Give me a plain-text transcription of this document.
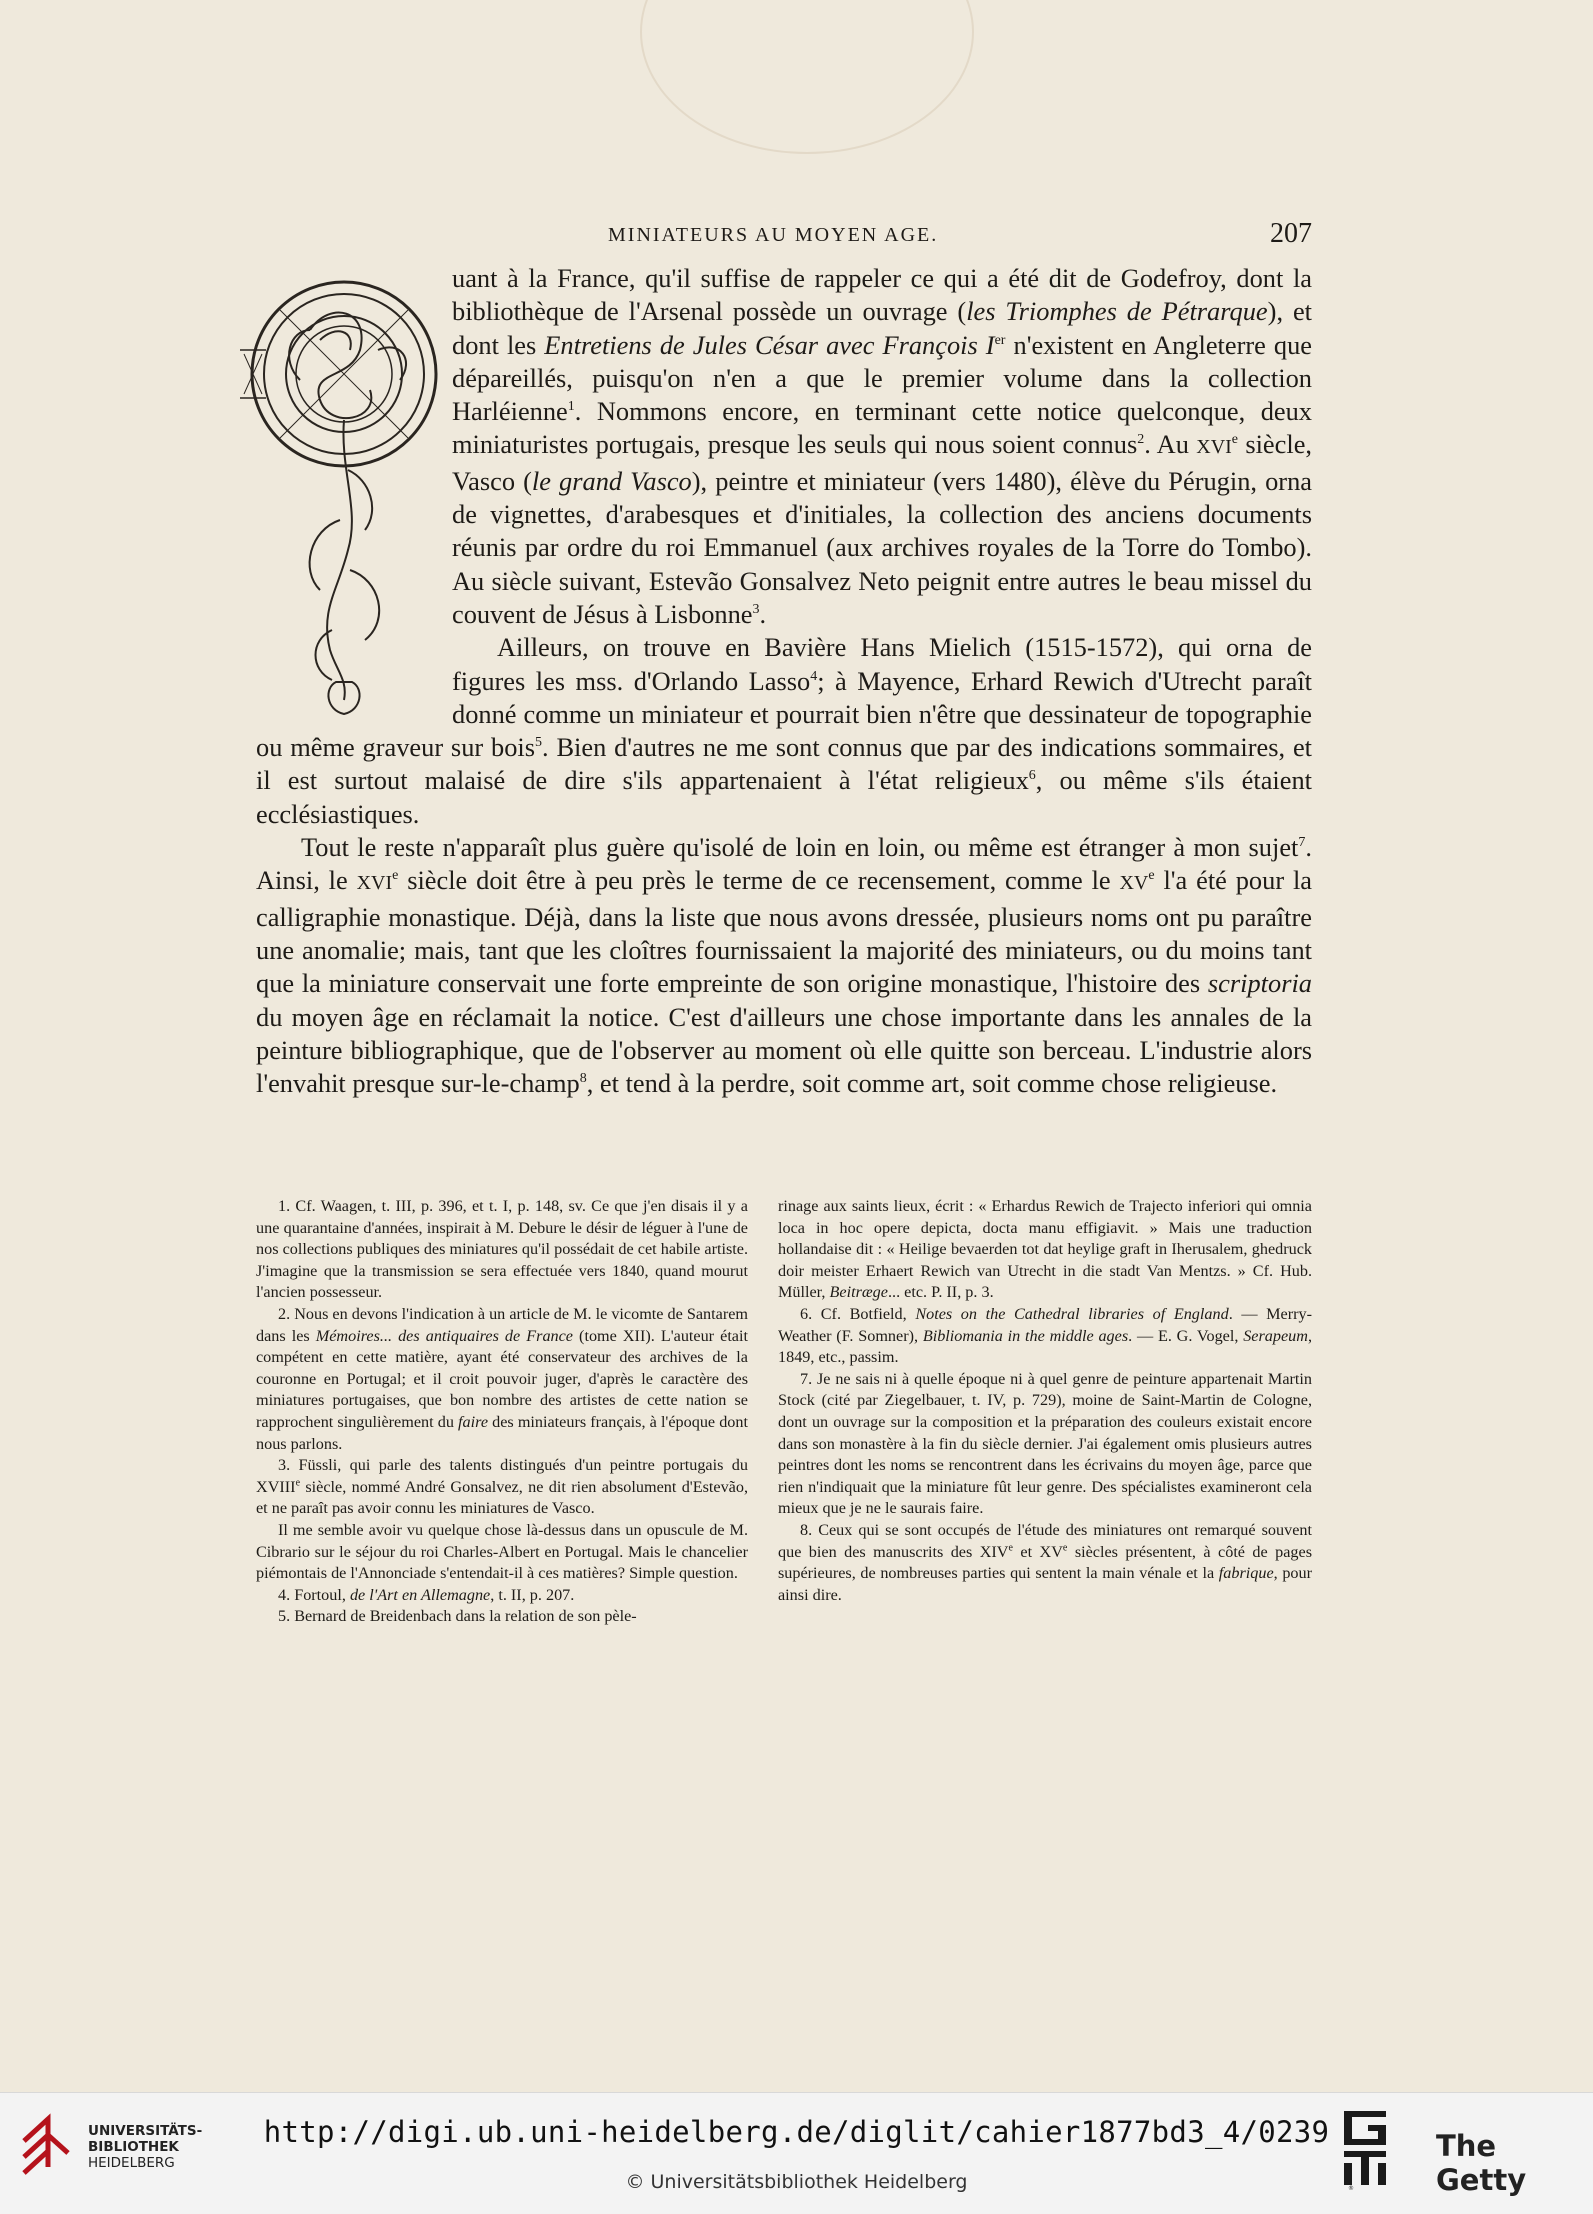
MINIATEURS AU MOYEN AGE.	207

uant à la France, qu'il suffise de rappeler ce qui a été dit de Godefroy, dont la bibliothèque de l'Arsenal possède un ouvrage (les Triomphes de Pétrarque), et dont les Entretiens de Jules César avec François Ier n'existent en Angleterre que dépareillés, puisqu'on n'en a que le premier volume dans la collection Harléienne$^1$. Nommons encore, en terminant cette notice quelconque, deux miniaturistes portugais, presque les seuls qui nous soient connus$^2$. Au XVIe siècle, Vasco (le grand Vasco), peintre et miniateur (vers 1480), élève du Pérugin, orna de vignettes, d'arabesques et d'initiales, la collection des anciens documents réunis par ordre du roi Emmanuel (aux archives royales de la Torre do Tombo). Au siècle suivant, Estevão Gonsalvez Neto peignit entre autres le beau missel du couvent de Jésus à Lisbonne$^3$.

Ailleurs, on trouve en Bavière Hans Mielich (1515-1572), qui orna de figures les mss. d'Orlando Lasso$^4$; à Mayence, Erhard Rewich d'Utrecht paraît donné comme un miniateur et pourrait bien n'être que dessinateur de topographie ou même graveur sur bois$^5$. Bien d'autres ne me sont connus que par des indications sommaires, et il est surtout malaisé de dire s'ils appartenaient à l'état religieux$^6$, ou même s'ils étaient ecclésiastiques.

Tout le reste n'apparaît plus guère qu'isolé de loin en loin, ou même est étranger à mon sujet$^7$. Ainsi, le XVIe siècle doit être à peu près le terme de ce recensement, comme le XVe l'a été pour la calligraphie monastique. Déjà, dans la liste que nous avons dressée, plusieurs noms ont pu paraître une anomalie; mais, tant que les cloîtres fournissaient la majorité des miniateurs, ou du moins tant que la miniature conservait une forte empreinte de son origine monastique, l'histoire des scriptoria du moyen âge en réclamait la notice. C'est d'ailleurs une chose importante dans les annales de la peinture bibliographique, que de l'observer au moment où elle quitte son berceau. L'industrie alors l'envahit presque sur-le-champ$^8$, et tend à la perdre, soit comme art, soit comme chose religieuse.

1. Cf. Waagen, t. III, p. 396, et t. I, p. 148, sv. Ce que j'en disais il y a une quarantaine d'années, inspirait à M. Debure le désir de léguer à l'une de nos collections publiques des miniatures qu'il possédait de cet habile artiste. J'imagine que la transmission se sera effectuée vers 1840, quand mourut l'ancien possesseur.

2. Nous en devons l'indication à un article de M. le vicomte de Santarem dans les Mémoires... des antiquaires de France (tome XII). L'auteur était compétent en cette matière, ayant été conservateur des archives de la couronne en Portugal; et il croit pouvoir juger, d'après le caractère des miniatures portugaises, que bon nombre des artistes de cette nation se rapprochent singulièrement du faire des miniateurs français, à l'époque dont nous parlons.

3. Füssli, qui parle des talents distingués d'un peintre portugais du XVIIIe siècle, nommé André Gonsalvez, ne dit rien absolument d'Estevão, et ne paraît pas avoir connu les miniatures de Vasco.

Il me semble avoir vu quelque chose là-dessus dans un opuscule de M. Cibrario sur le séjour du roi Charles-Albert en Portugal. Mais le chancelier piémontais de l'Annonciade s'entendait-il à ces matières? Simple question.

4. Fortoul, de l'Art en Allemagne, t. II, p. 207.

5. Bernard de Breidenbach dans la relation de son pèle-

rinage aux saints lieux, écrit : « Erhardus Rewich de Trajecto inferiori qui omnia loca in hoc opere depicta, docta manu effigiavit. » Mais une traduction hollandaise dit : « Heilige bevaerden tot dat heylige graft in Iherusalem, ghedruck doir meister Erhaert Rewich van Utrecht in die stadt Van Mentzs. » Cf. Hub. Müller, Beitræge... etc. P. II, p. 3.

6. Cf. Botfield, Notes on the Cathedral libraries of England. — Merry-Weather (F. Somner), Bibliomania in the middle ages. — E. G. Vogel, Serapeum, 1849, etc., passim.

7. Je ne sais ni à quelle époque ni à quel genre de peinture appartenait Martin Stock (cité par Ziegelbauer, t. IV, p. 729), moine de Saint-Martin de Cologne, dont un ouvrage sur la composition et la préparation des couleurs existait encore dans son monastère à la fin du siècle dernier. J'ai également omis plusieurs autres peintres dont les noms se rencontrent dans les écrivains du moyen âge, parce que rien n'indiquait que la miniature fût leur genre. Des spécialistes examineront cela mieux que je ne le saurais faire.

8. Ceux qui se sont occupés de l'étude des miniatures ont remarqué souvent que bien des manuscrits des XIVe et XVe siècles présentent, à côté de pages supérieures, de nombreuses parties qui sentent la main vénale et la fabrique, pour ainsi dire.

UNIVERSITÄTS-
BIBLIOTHEK
HEIDELBERG
http://digi.ub.uni-heidelberg.de/diglit/cahier1877bd3_4/0239
© Universitätsbibliothek Heidelberg	®
The Getty
